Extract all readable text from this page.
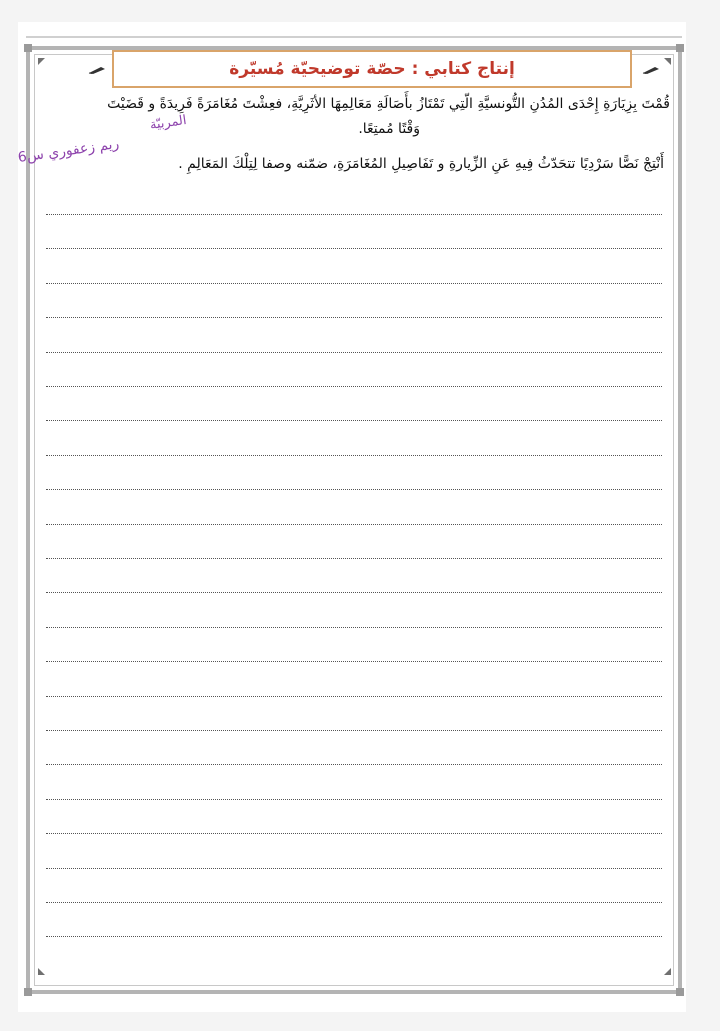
إنتاج كتابي : حصّة توضيحيّة مُسيّرة
قُمْتَ بِزِيَارَةِ إِحْدَى المُدُنِ التُّونسيَّةِ الّتِي تَمْتَازُ بأَصَالَةِ مَعَالِمِهَا الأثَرِيَّةِ، فعِشْتَ مُغَامَرَةً فَرِيدَةً و قَضَيْتَ
المربيّة	وَقْتًا مُمتِعًا.
ريم زعفوري س6	أَنْتِجْ نَصًّا سَرْدِيًا تتحَدّثُ فِيهِ عَنِ الزِّيارةِ و تَفَاصِيلِ المُغَامَرَةِ، ضمّنه وصفا لِتِلْكَ المَعَالِمِ .
